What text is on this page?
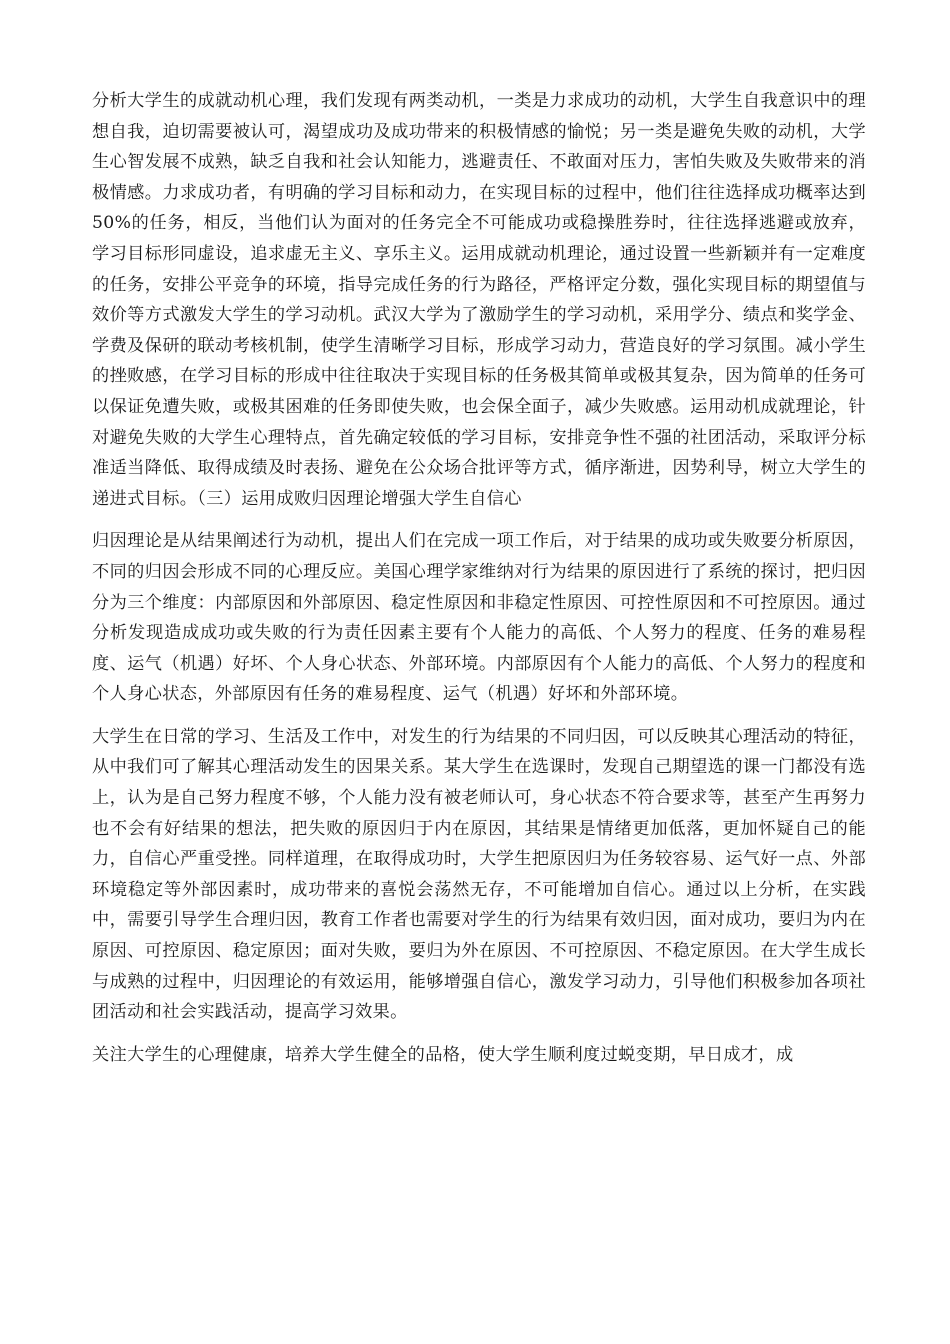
分析大学生的成就动机心理，我们发现有两类动机，一类是力求成功的动机，大学生自我意识中的理想自我，迫切需要被认可，渴望成功及成功带来的积极情感的愉悦；另一类是避免失败的动机，大学生心智发展不成熟，缺乏自我和社会认知能力，逃避责任、不敢面对压力，害怕失败及失败带来的消极情感。力求成功者，有明确的学习目标和动力，在实现目标的过程中，他们往往选择成功概率达到50%的任务，相反，当他们认为面对的任务完全不可能成功或稳操胜券时，往往选择逃避或放弃，学习目标形同虚设，追求虚无主义、享乐主义。运用成就动机理论，通过设置一些新颖并有一定难度的任务，安排公平竞争的环境，指导完成任务的行为路径，严格评定分数，强化实现目标的期望值与效价等方式激发大学生的学习动机。武汉大学为了激励学生的学习动机，采用学分、绩点和奖学金、学费及保研的联动考核机制，使学生清晰学习目标，形成学习动力，营造良好的学习氛围。减小学生的挫败感，在学习目标的形成中往往取决于实现目标的任务极其简单或极其复杂，因为简单的任务可以保证免遭失败，或极其困难的任务即使失败，也会保全面子，减少失败感。运用动机成就理论，针对避免失败的大学生心理特点，首先确定较低的学习目标，安排竞争性不强的社团活动，采取评分标准适当降低、取得成绩及时表扬、避免在公众场合批评等方式，循序渐进，因势利导，树立大学生的递进式目标。（三）运用成败归因理论增强大学生自信心

归因理论是从结果阐述行为动机，提出人们在完成一项工作后，对于结果的成功或失败要分析原因，不同的归因会形成不同的心理反应。美国心理学家维纳对行为结果的原因进行了系统的探讨，把归因分为三个维度：内部原因和外部原因、稳定性原因和非稳定性原因、可控性原因和不可控原因。通过分析发现造成成功或失败的行为责任因素主要有个人能力的高低、个人努力的程度、任务的难易程度、运气（机遇）好坏、个人身心状态、外部环境。内部原因有个人能力的高低、个人努力的程度和个人身心状态，外部原因有任务的难易程度、运气（机遇）好坏和外部环境。

大学生在日常的学习、生活及工作中，对发生的行为结果的不同归因，可以反映其心理活动的特征，从中我们可了解其心理活动发生的因果关系。某大学生在选课时，发现自己期望选的课一门都没有选上，认为是自己努力程度不够，个人能力没有被老师认可，身心状态不符合要求等，甚至产生再努力也不会有好结果的想法，把失败的原因归于内在原因，其结果是情绪更加低落，更加怀疑自己的能力，自信心严重受挫。同样道理，在取得成功时，大学生把原因归为任务较容易、运气好一点、外部环境稳定等外部因素时，成功带来的喜悦会荡然无存，不可能增加自信心。通过以上分析，在实践中，需要引导学生合理归因，教育工作者也需要对学生的行为结果有效归因，面对成功，要归为内在原因、可控原因、稳定原因；面对失败，要归为外在原因、不可控原因、不稳定原因。在大学生成长与成熟的过程中，归因理论的有效运用，能够增强自信心，激发学习动力，引导他们积极参加各项社团活动和社会实践活动，提高学习效果。

关注大学生的心理健康，培养大学生健全的品格，使大学生顺利度过蜕变期，早日成才，成
